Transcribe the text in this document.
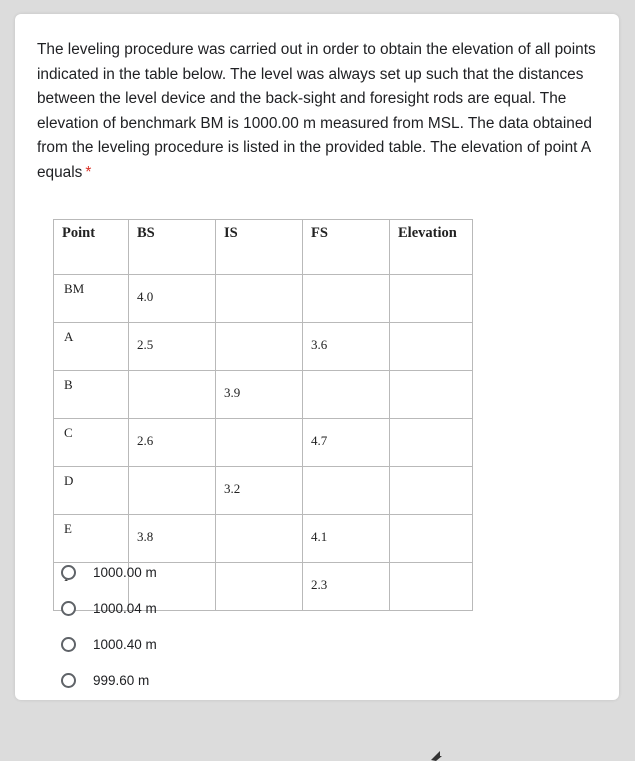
The leveling procedure was carried out in order to obtain the elevation of all points indicated in the table below. The level was always set up such that the distances between the level device and the back-sight and foresight rods are equal. The elevation of benchmark BM is 1000.00 m measured from MSL. The data obtained from the leveling procedure is listed in the provided table. The elevation of point A equals *

Point	BS	IS	FS	Elevation
BM	4.0			
A	2.5		3.6	
B		3.9		
C	2.6		4.7	
D		3.2		
E	3.8		4.1	
			2.3	
1000.00 m
1000.04 m
1000.40 m
999.60 m
